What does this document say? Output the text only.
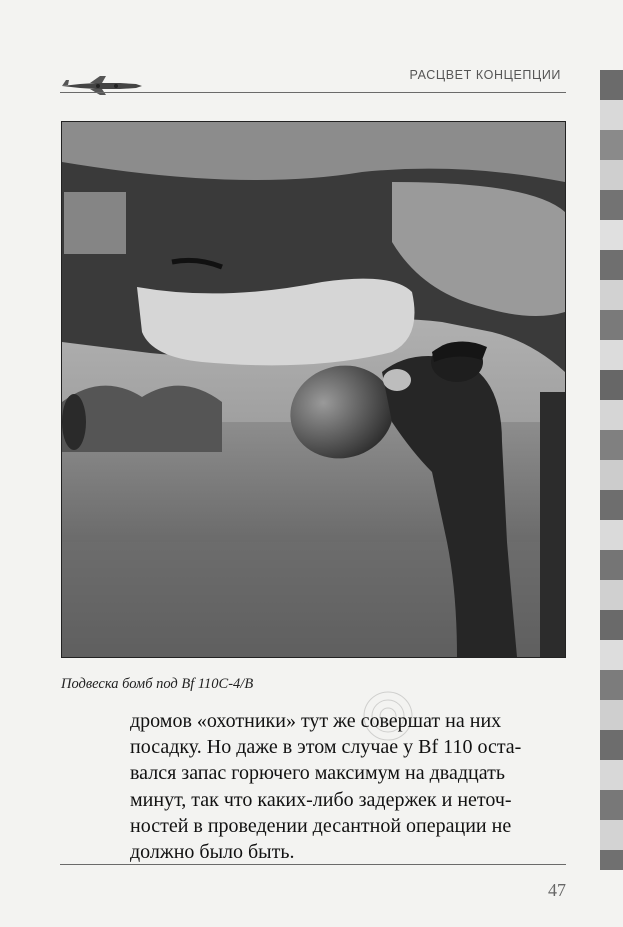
РАСЦВЕТ КОНЦЕПЦИИ
Подвеска бомб под Bf 110С-4/B
дромов «охотники» тут же совершат на них
посадку. Но даже в этом случае у Bf 110 оста-
вался запас горючего максимум на двадцать
минут, так что каких-либо задержек и неточ-
ностей в проведении десантной операции не
должно было быть.
47
